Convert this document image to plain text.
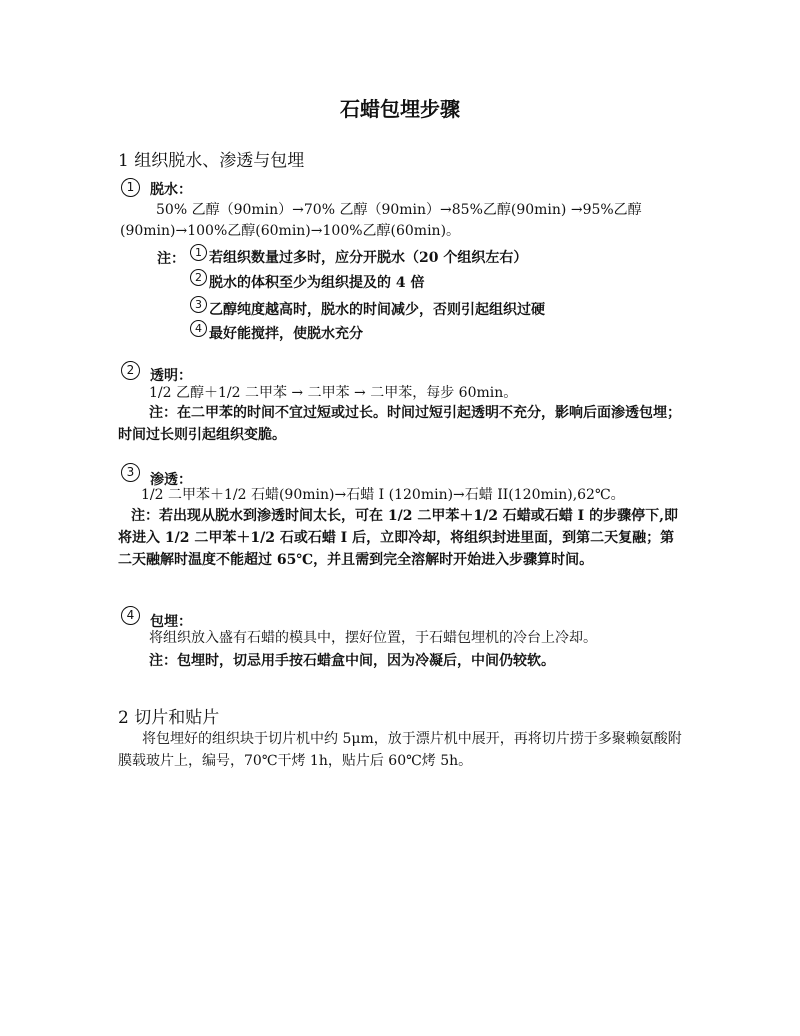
石蜡包埋步骤
1 组织脱水、渗透与包埋
1	脱水：
50% 乙醇（90min）→70% 乙醇（90min）→85%乙醇(90min) →95%乙醇
(90min)→100%乙醇(60min)→100%乙醇(60min)。
注： 1 若组织数量过多时，应分开脱水（20 个组织左右）
2 脱水的体积至少为组织提及的 4 倍
3 乙醇纯度越高时，脱水的时间减少，否则引起组织过硬
4 最好能搅拌，使脱水充分
2	透明：
1/2 乙醇＋1/2 二甲苯 → 二甲苯 → 二甲苯，每步 60min。

注：在二甲苯的时间不宜过短或过长。时间过短引起透明不充分，影响后面渗透包埋；时间过长则引起组织变脆。

3	渗透：
1/2 二甲苯＋1/2 石蜡(90min)→石蜡 I (120min)→石蜡 II(120min),62℃。

注：若出现从脱水到渗透时间太长，可在 1/2 二甲苯＋1/2 石蜡或石蜡 I 的步骤停下,即将进入 1/2 二甲苯＋1/2 石或石蜡 I 后，立即冷却，将组织封进里面，到第二天复融；第二天融解时温度不能超过 65℃，并且需到完全溶解时开始进入步骤算时间。

4	包埋：
将组织放入盛有石蜡的模具中，摆好位置，于石蜡包埋机的冷台上冷却。
注：包埋时，切忌用手按石蜡盒中间，因为冷凝后，中间仍较软。
2 切片和贴片

将包埋好的组织块于切片机中约 5μm，放于漂片机中展开，再将切片捞于多聚赖氨酸附膜载玻片上，编号，70℃干烤 1h，贴片后 60℃烤 5h。
